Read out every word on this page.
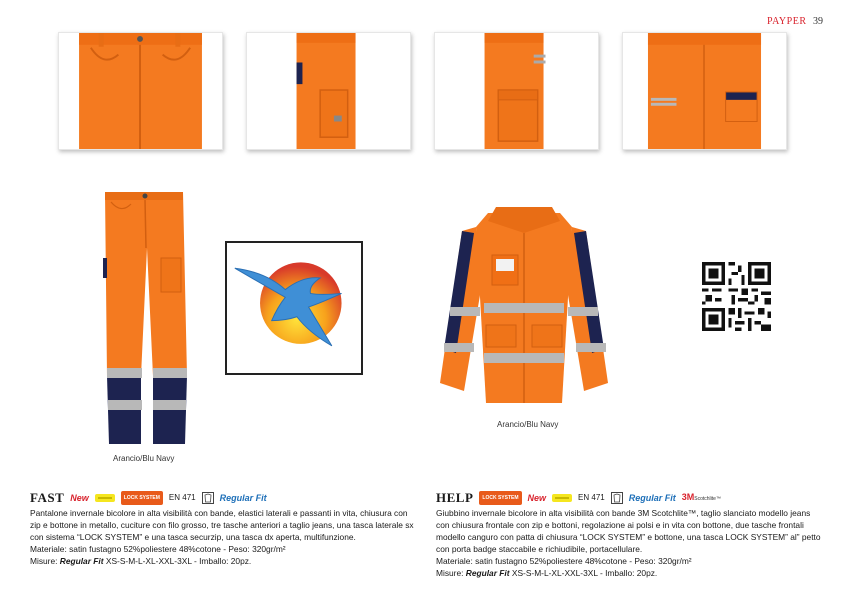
PAYPER 39
Arancio/Blu Navy
Arancio/Blu Navy
FAST New	LOCK SYSTEM	EN 471	Regular Fit

Pantalone invernale bicolore in alta visibilità con bande, elastici laterali e passanti in vita, chiusura con zip e bottone in metallo, cuciture con filo grosso, tre tasche anteriori a taglio jeans, una tasca laterale sx con sistema “LOCK SYSTEM” e una tasca securzip, una tasca dx aperta, multifunzione.

Materiale: satin fustagno 52%poliestere 48%cotone - Peso: 320gr/m²

Misure: Regular Fit XS-S-M-L-XL-XXL-3XL - Imballo: 20pz.

HELP	LOCK SYSTEM	New	EN 471	Regular Fit 3MScotchlite™

Giubbino invernale bicolore in alta visibilità con bande 3M Scotchlite™, taglio slanciato modello jeans con chiusura frontale con zip e bottoni, regolazione ai polsi e in vita con bottone, due tasche frontali modello canguro con patta di chiusura “LOCK SYSTEM” e bottone, una tasca LOCK SYSTEM” al” petto con porta badge staccabile e richiudibile, portacellulare.

Materiale: satin fustagno 52%poliestere 48%cotone - Peso: 320gr/m²

Misure: Regular Fit XS-S-M-L-XL-XXL-3XL - Imballo: 20pz.
